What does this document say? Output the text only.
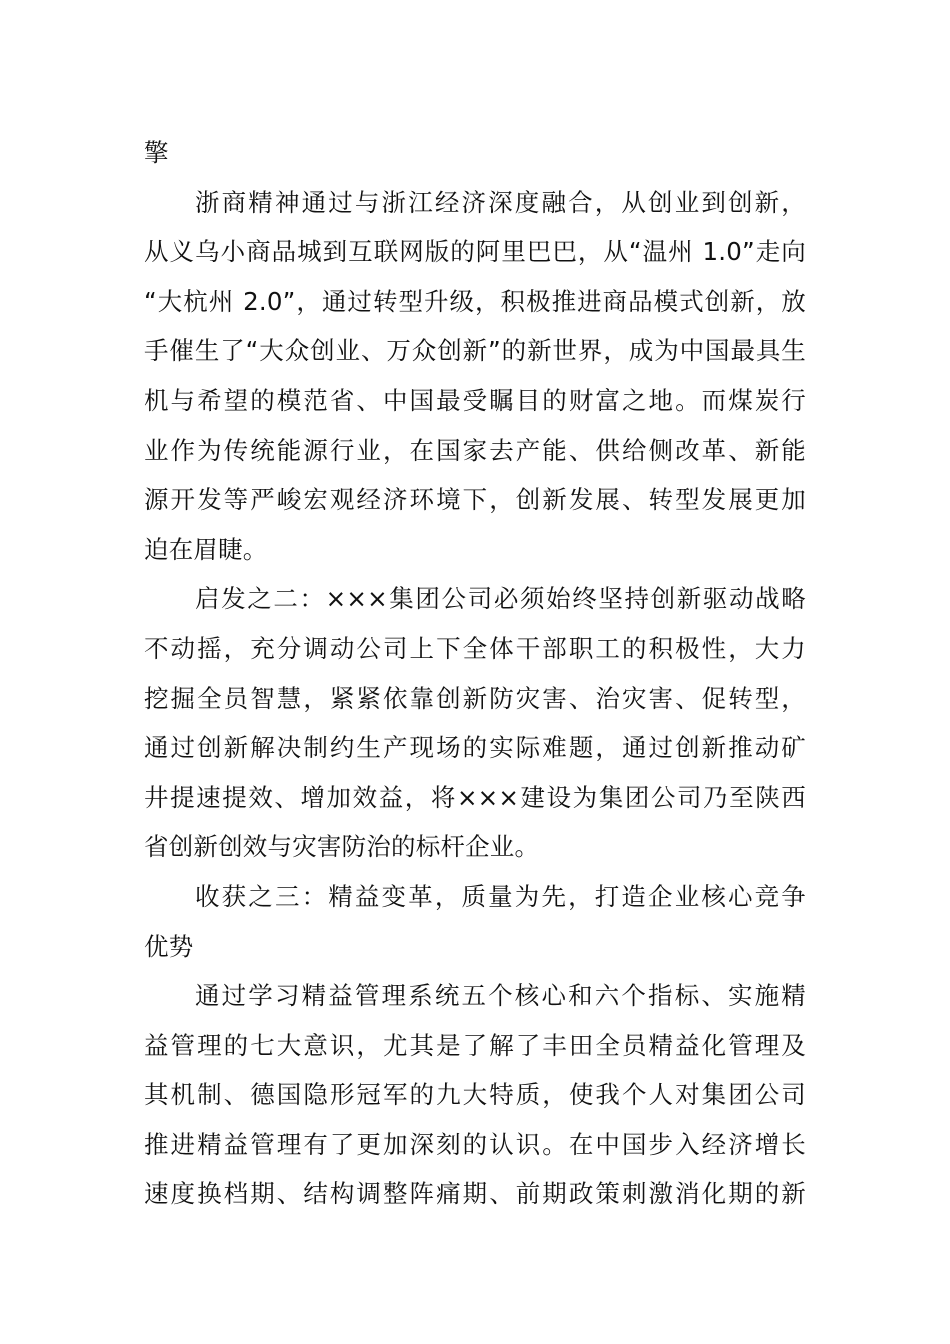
擎
浙商精神通过与浙江经济深度融合，从创业到创新，
从义乌小商品城到互联网版的阿里巴巴，从“温州 1.0”走向
“大杭州 2.0”，通过转型升级，积极推进商品模式创新，放
手催生了“大众创业、万众创新”的新世界，成为中国最具生
机与希望的模范省、中国最受瞩目的财富之地。而煤炭行
业作为传统能源行业，在国家去产能、供给侧改革、新能
源开发等严峻宏观经济环境下，创新发展、转型发展更加
迫在眉睫。
启发之二：×××集团公司必须始终坚持创新驱动战略
不动摇，充分调动公司上下全体干部职工的积极性，大力
挖掘全员智慧，紧紧依靠创新防灾害、治灾害、促转型，
通过创新解决制约生产现场的实际难题，通过创新推动矿
井提速提效、增加效益，将×××建设为集团公司乃至陕西
省创新创效与灾害防治的标杆企业。
收获之三：精益变革，质量为先，打造企业核心竞争
优势
通过学习精益管理系统五个核心和六个指标、实施精
益管理的七大意识，尤其是了解了丰田全员精益化管理及
其机制、德国隐形冠军的九大特质，使我个人对集团公司
推进精益管理有了更加深刻的认识。在中国步入经济增长
速度换档期、结构调整阵痛期、前期政策刺激消化期的新
